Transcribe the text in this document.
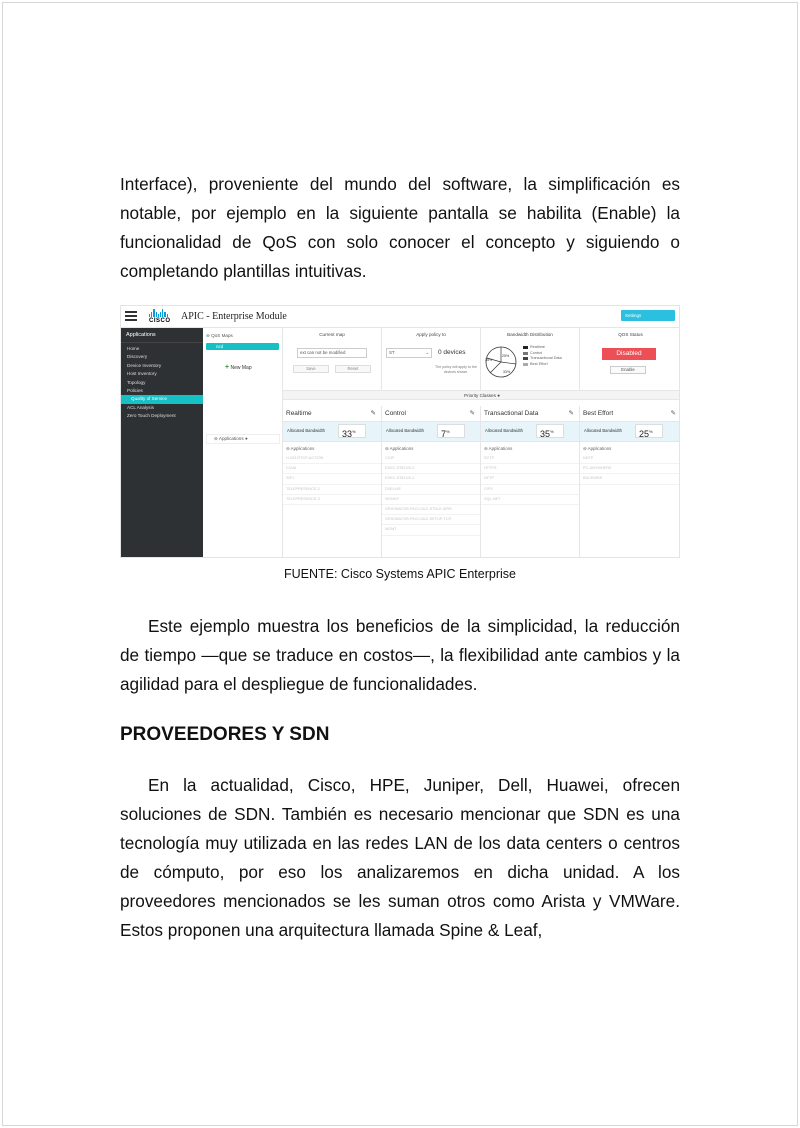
Interface), proveniente del mundo del software, la simplificación es notable, por ejemplo en la siguiente pantalla se habilita (Enable) la funcionalidad de QoS con solo conocer el concepto y siguiendo o completando plantillas intuitivas.

CISCO	APIC - Enterprise Module	Settings
Applications
Home
Discovery
Device Inventory
Host Inventory
Topology
Policies
Quality of Service
ACL Analysis
Zero Touch Deployment
⊖ QoS Maps
ncd
+ New Map
⊖ Applications ●
Current map
ext can not be modified
Save	Reset
Apply policy to
ST	⌄ 0 devices
The policy will apply to the devices shown.
Bandwidth Distribution
35%
25%
33%
Realtime
Control
Transactional Data
Best Effort
QOS Status
Disabled
Enable
Priority Classes ●
Realtime	✎
Allocated Bandwidth	33%
⊖ Applications
H.323-RTCP-ACTION
CUVA
SIP-I
TELEPRESENCE-2
TELEPRESENCE-3
Control	✎
Allocated Bandwidth	7%
⊖ Applications
CCIP
EXEC-STATUS-2
EXEC-STATUS-2
DXELIVE
SKINNY
ORIGINATOR-PKG-CACI-STDLE-5/RR
ORIGINATOR-PKG-CACI-SETUP-TCP-
MGMT
Transactional Data	✎
Allocated Bandwidth	35%
⊖ Applications
SCTP
HTTPS
NFTP
CIFS
SQL-NET
Best Effort	✎
Allocated Bandwidth	25%
⊖ Applications
NNTP
PC-ANYWHERE
BACKWEB
FUENTE: Cisco Systems APIC Enterprise

Este ejemplo muestra los beneficios de la simplicidad, la reducción de tiempo —que se traduce en costos—, la flexibilidad ante cambios y la agilidad para el despliegue de funcionalidades.

PROVEEDORES Y SDN

En la actualidad, Cisco, HPE, Juniper, Dell, Huawei, ofrecen soluciones de SDN. También es necesario mencionar que SDN es una tecnología muy utilizada en las redes LAN de los data centers o centros de cómputo, por eso los analizaremos en dicha unidad. A los proveedores mencionados se les suman otros como Arista y VMWare. Estos proponen una arquitectura llamada Spine & Leaf,
